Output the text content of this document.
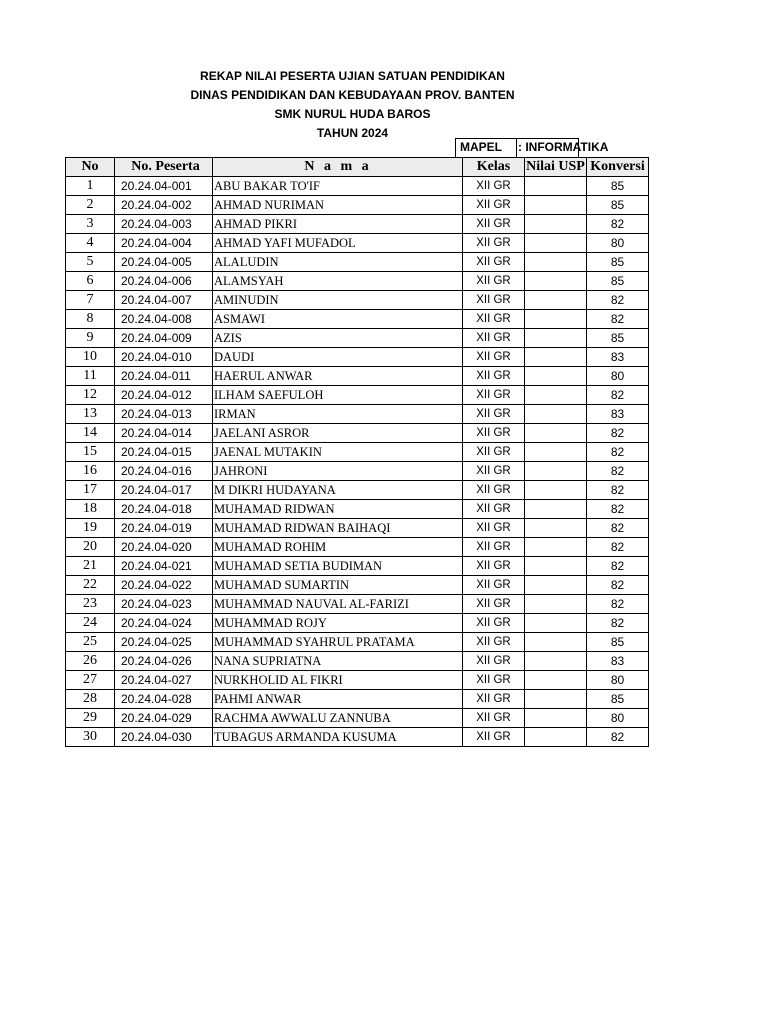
REKAP NILAI PESERTA UJIAN SATUAN PENDIDIKAN
DINAS PENDIDIKAN DAN KEBUDAYAAN PROV. BANTEN
SMK NURUL HUDA BAROS
TAHUN 2024
MAPEL : INFORMATIKA
No	No. Peserta	N a m a	Kelas	Nilai USP	Konversi
1	20.24.04-001	ABU BAKAR TO'IF	XII GR		85
2	20.24.04-002	AHMAD NURIMAN	XII GR		85
3	20.24.04-003	AHMAD PIKRI	XII GR		82
4	20.24.04-004	AHMAD YAFI MUFADOL	XII GR		80
5	20.24.04-005	ALALUDIN	XII GR		85
6	20.24.04-006	ALAMSYAH	XII GR		85
7	20.24.04-007	AMINUDIN	XII GR		82
8	20.24.04-008	ASMAWI	XII GR		82
9	20.24.04-009	AZIS	XII GR		85
10	20.24.04-010	DAUDI	XII GR		83
11	20.24.04-011	HAERUL ANWAR	XII GR		80
12	20.24.04-012	ILHAM SAEFULOH	XII GR		82
13	20.24.04-013	IRMAN	XII GR		83
14	20.24.04-014	JAELANI ASROR	XII GR		82
15	20.24.04-015	JAENAL MUTAKIN	XII GR		82
16	20.24.04-016	JAHRONI	XII GR		82
17	20.24.04-017	M DIKRI HUDAYANA	XII GR		82
18	20.24.04-018	MUHAMAD RIDWAN	XII GR		82
19	20.24.04-019	MUHAMAD RIDWAN BAIHAQI	XII GR		82
20	20.24.04-020	MUHAMAD ROHIM	XII GR		82
21	20.24.04-021	MUHAMAD SETIA BUDIMAN	XII GR		82
22	20.24.04-022	MUHAMAD SUMARTIN	XII GR		82
23	20.24.04-023	MUHAMMAD NAUVAL AL-FARIZI	XII GR		82
24	20.24.04-024	MUHAMMAD ROJY	XII GR		82
25	20.24.04-025	MUHAMMAD SYAHRUL PRATAMA	XII GR		85
26	20.24.04-026	NANA SUPRIATNA	XII GR		83
27	20.24.04-027	NURKHOLID AL FIKRI	XII GR		80
28	20.24.04-028	PAHMI ANWAR	XII GR		85
29	20.24.04-029	RACHMA AWWALU ZANNUBA	XII GR		80
30	20.24.04-030	TUBAGUS ARMANDA KUSUMA	XII GR		82
